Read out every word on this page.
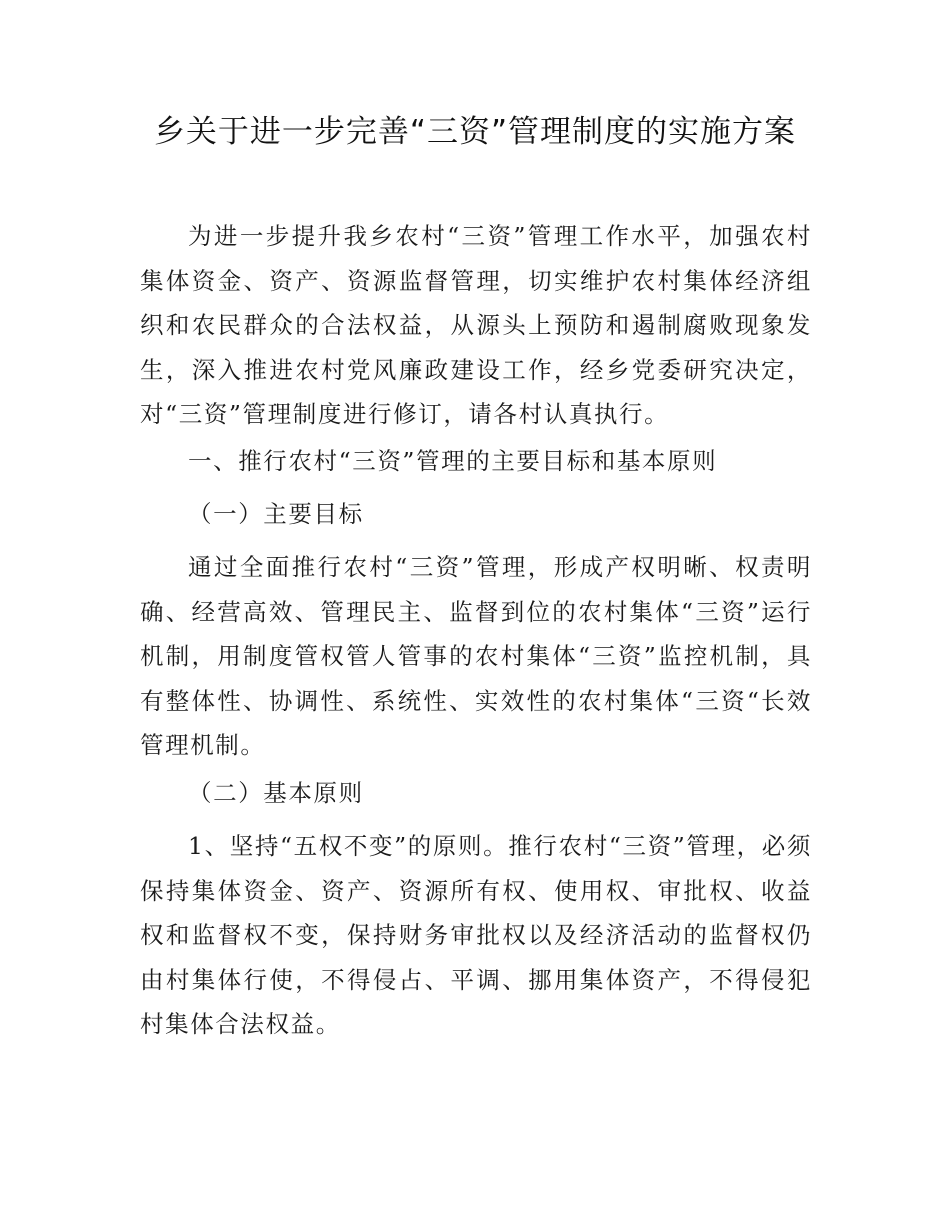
乡关于进一步完善“三资”管理制度的实施方案

为进一步提升我乡农村“三资”管理工作水平，加强农村集体资金、资产、资源监督管理，切实维护农村集体经济组织和农民群众的合法权益，从源头上预防和遏制腐败现象发生，深入推进农村党风廉政建设工作，经乡党委研究决定，对“三资”管理制度进行修订，请各村认真执行。

一、推行农村“三资”管理的主要目标和基本原则

（一）主要目标

通过全面推行农村“三资”管理，形成产权明晰、权责明确、经营高效、管理民主、监督到位的农村集体“三资”运行机制，用制度管权管人管事的农村集体“三资”监控机制，具有整体性、协调性、系统性、实效性的农村集体“三资“长效管理机制。

（二）基本原则

1、坚持“五权不变”的原则。推行农村“三资”管理，必须保持集体资金、资产、资源所有权、使用权、审批权、收益权和监督权不变，保持财务审批权以及经济活动的监督权仍由村集体行使，不得侵占、平调、挪用集体资产，不得侵犯村集体合法权益。
